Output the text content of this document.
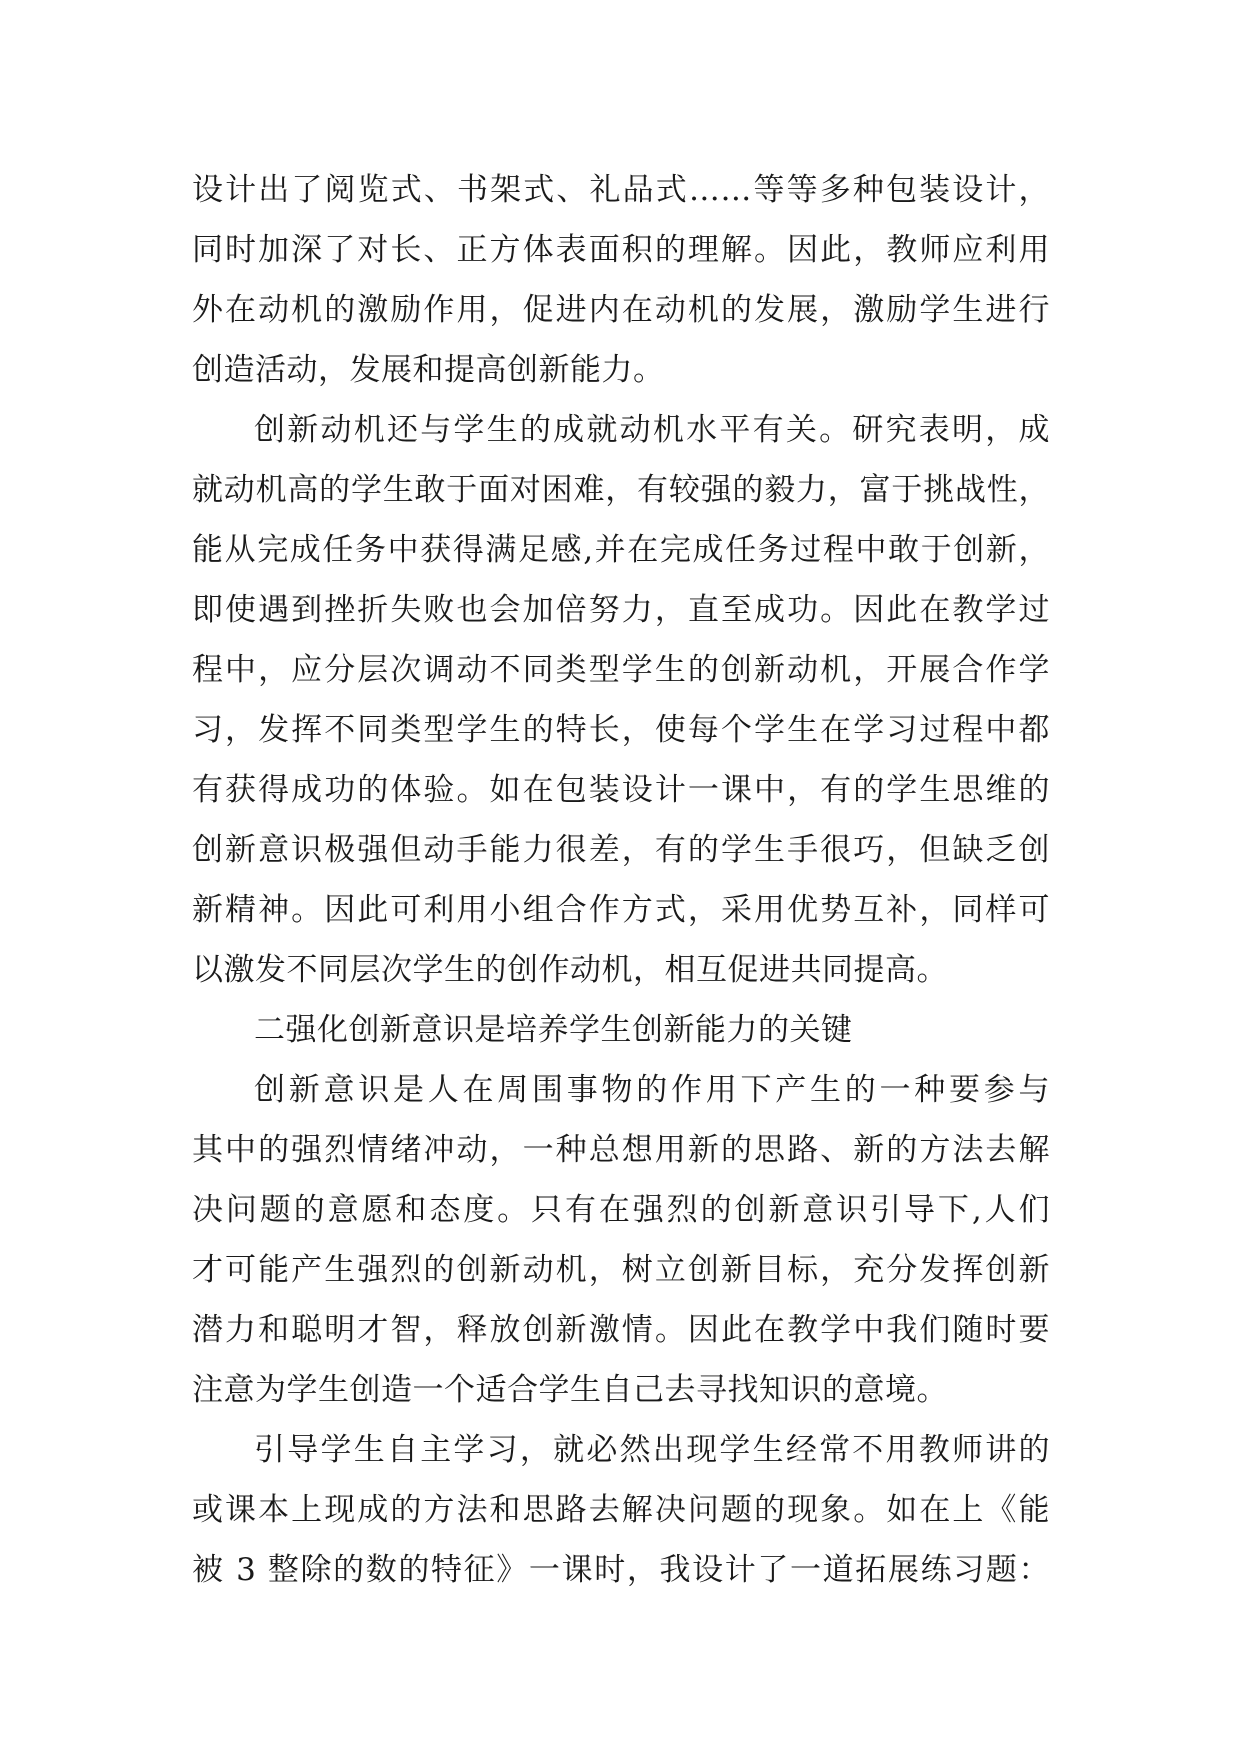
设计出了阅览式、书架式、礼品式……等等多种包装设计，
同时加深了对长、正方体表面积的理解。因此，教师应利用
外在动机的激励作用，促进内在动机的发展，激励学生进行
创造活动，发展和提高创新能力。
创新动机还与学生的成就动机水平有关。研究表明，成
就动机高的学生敢于面对困难，有较强的毅力，富于挑战性，
能从完成任务中获得满足感,并在完成任务过程中敢于创新，
即使遇到挫折失败也会加倍努力，直至成功。因此在教学过
程中，应分层次调动不同类型学生的创新动机，开展合作学
习，发挥不同类型学生的特长，使每个学生在学习过程中都
有获得成功的体验。如在包装设计一课中，有的学生思维的
创新意识极强但动手能力很差，有的学生手很巧，但缺乏创
新精神。因此可利用小组合作方式，采用优势互补，同样可
以激发不同层次学生的创作动机，相互促进共同提高。
二强化创新意识是培养学生创新能力的关键
创新意识是人在周围事物的作用下产生的一种要参与
其中的强烈情绪冲动，一种总想用新的思路、新的方法去解
决问题的意愿和态度。只有在强烈的创新意识引导下,人们
才可能产生强烈的创新动机，树立创新目标，充分发挥创新
潜力和聪明才智，释放创新激情。因此在教学中我们随时要
注意为学生创造一个适合学生自己去寻找知识的意境。
引导学生自主学习，就必然出现学生经常不用教师讲的
或课本上现成的方法和思路去解决问题的现象。如在上《能
被 3 整除的数的特征》一课时，我设计了一道拓展练习题：
